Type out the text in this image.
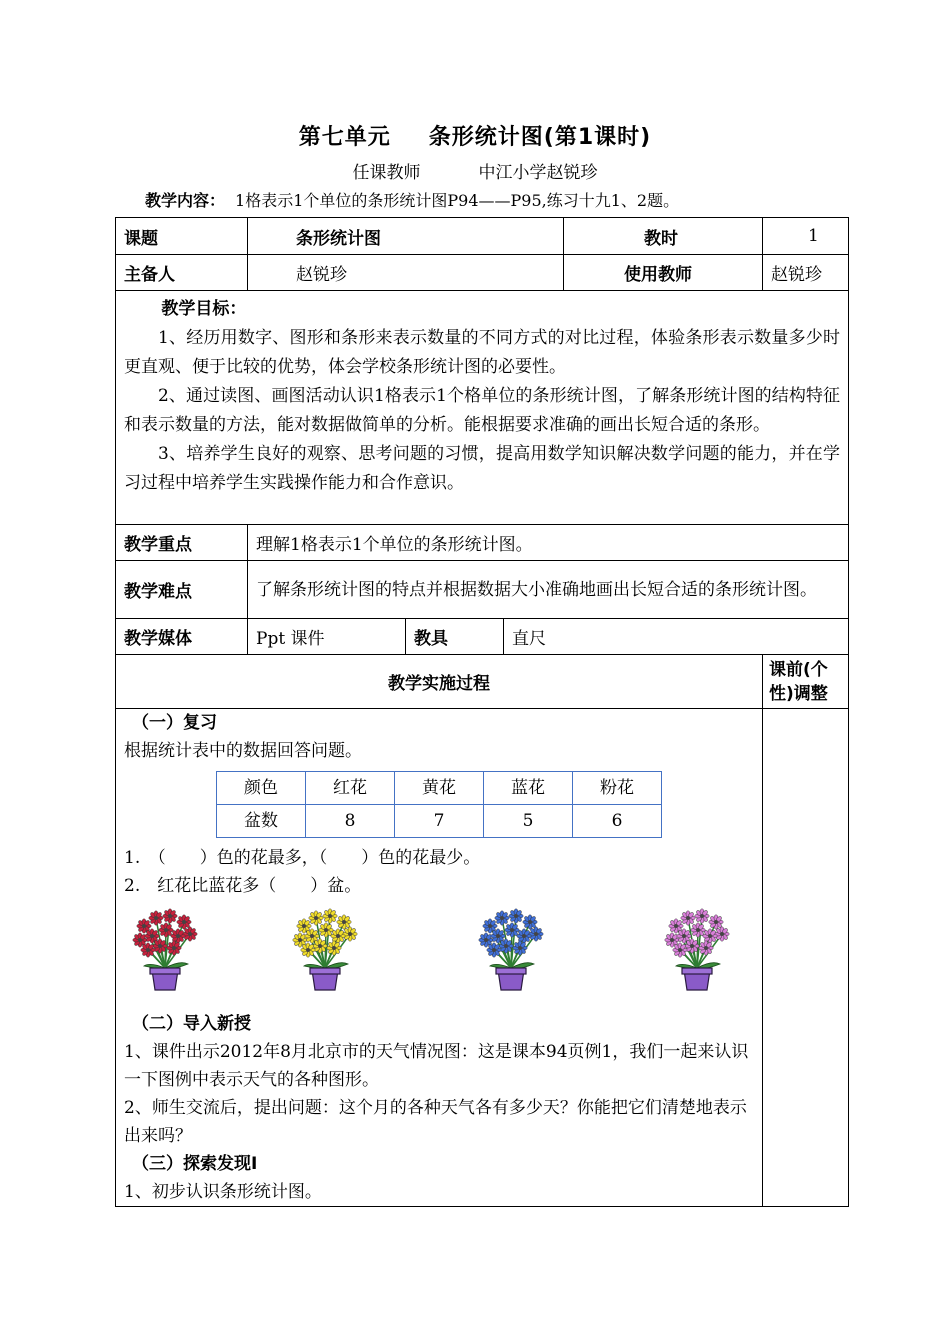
第七单元 条形统计图(第1课时)
任课教师	中江小学赵锐珍
教学内容： 1格表示1个单位的条形统计图P94——P95,练习十九1、2题。
课题	条形统计图	教时	1
主备人	赵锐珍	使用教师	赵锐珍

教学目标：

1、经历用数字、图形和条形来表示数量的不同方式的对比过程，体验条形表示数量多少时更直观、便于比较的优势，体会学校条形统计图的必要性。

2、通过读图、画图活动认识1格表示1个格单位的条形统计图，了解条形统计图的结构特征和表示数量的方法，能对数据做简单的分析。能根据要求准确的画出长短合适的条形。

3、培养学生良好的观察、思考问题的习惯，提高用数学知识解决数学问题的能力，并在学习过程中培养学生实践操作能力和合作意识。

教学重点	理解1格表示1个单位的条形统计图。
教学难点	了解条形统计图的特点并根据数据大小准确地画出长短合适的条形统计图。
教学媒体	Ppt 课件	教具	直尺
教学实施过程	课前(个性)调整

（一）复习

根据统计表中的数据回答问题。

颜色	红花	黄花	蓝花	粉花
盆数	8	7	5	6

1.　（　　）色的花最多，（　　）色的花最少。

2.　红花比蓝花多（　　）盆。

（二）导入新授

1、课件出示2012年8月北京市的天气情况图：这是课本94页例1，我们一起来认识一下图例中表示天气的各种图形。

2、师生交流后，提出问题：这个月的各种天气各有多少天？你能把它们清楚地表示出来吗？

（三）探索发现Ⅰ

1、初步认识条形统计图。
